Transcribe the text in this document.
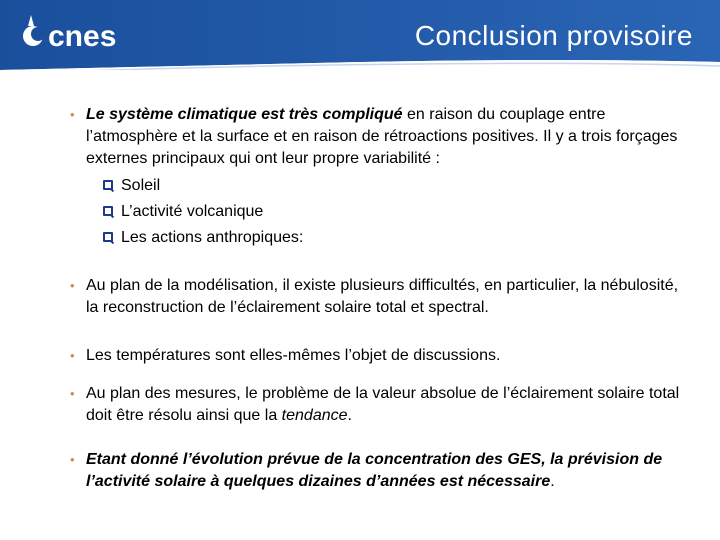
cnes	Conclusion provisoire
• Le système climatique est très compliqué en raison du couplage entre l’atmosphère et la surface et en raison de rétroactions positives. Il y a trois forçages externes principaux qui ont leur propre variabilité :
Soleil
L’activité volcanique
Les actions anthropiques:
• Au plan de la modélisation, il existe plusieurs difficultés, en particulier, la nébulosité, la reconstruction de l’éclairement solaire total et spectral.
• Les températures sont elles-mêmes l’objet de discussions.
• Au plan des mesures, le problème de la valeur absolue de l’éclairement solaire total doit être résolu ainsi que la tendance.
• Etant donné l’évolution prévue de la concentration des GES, la prévision de l’activité solaire à quelques dizaines d’années est nécessaire.
